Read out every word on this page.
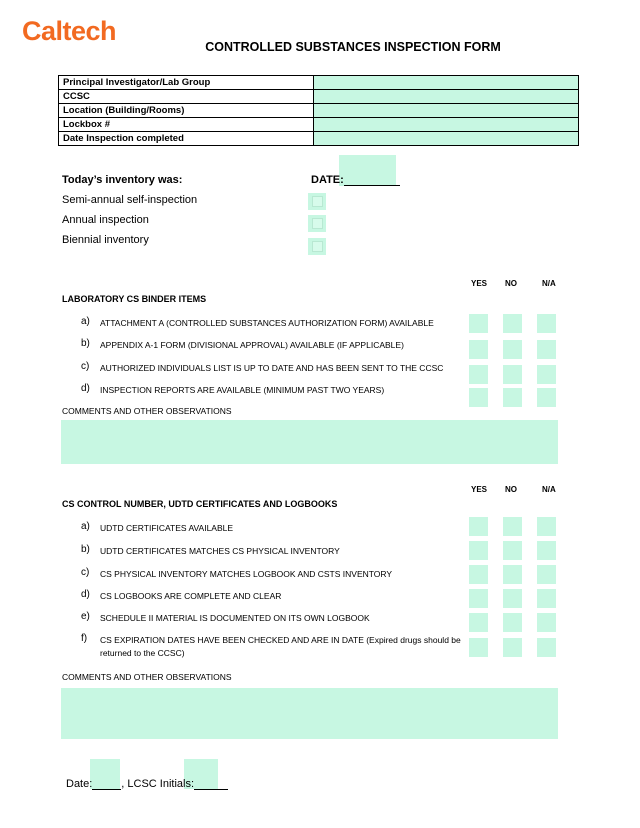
Caltech
CONTROLLED SUBSTANCES INSPECTION FORM
Principal Investigator/Lab Group	
CCSC	
Location (Building/Rooms)	
Lockbox #	
Date Inspection completed	
Today’s inventory was:	DATE:
Semi-annual self-inspection
Annual inspection
Biennial inventory
YES NO	N/A
LABORATORY CS BINDER ITEMS
a) ATTACHMENT A (CONTROLLED SUBSTANCES AUTHORIZATION FORM) AVAILABLE
b) APPENDIX A-1 FORM (DIVISIONAL APPROVAL) AVAILABLE (IF APPLICABLE)
c) AUTHORIZED INDIVIDUALS LIST IS UP TO DATE AND HAS BEEN SENT TO THE CCSC
d) INSPECTION REPORTS ARE AVAILABLE (MINIMUM PAST TWO YEARS)
COMMENTS AND OTHER OBSERVATIONS
YES NO	N/A
CS CONTROL NUMBER, UDTD CERTIFICATES AND LOGBOOKS
a) UDTD CERTIFICATES AVAILABLE
b) UDTD CERTIFICATES MATCHES CS PHYSICAL INVENTORY
c) CS PHYSICAL INVENTORY MATCHES LOGBOOK AND CSTS INVENTORY
d) CS LOGBOOKS ARE COMPLETE AND CLEAR
e) SCHEDULE II MATERIAL IS DOCUMENTED ON ITS OWN LOGBOOK
f) CS EXPIRATION DATES HAVE BEEN CHECKED AND ARE IN DATE (Expired drugs should be returned to the CCSC)
COMMENTS AND OTHER OBSERVATIONS
Date:	, LCSC Initials:
